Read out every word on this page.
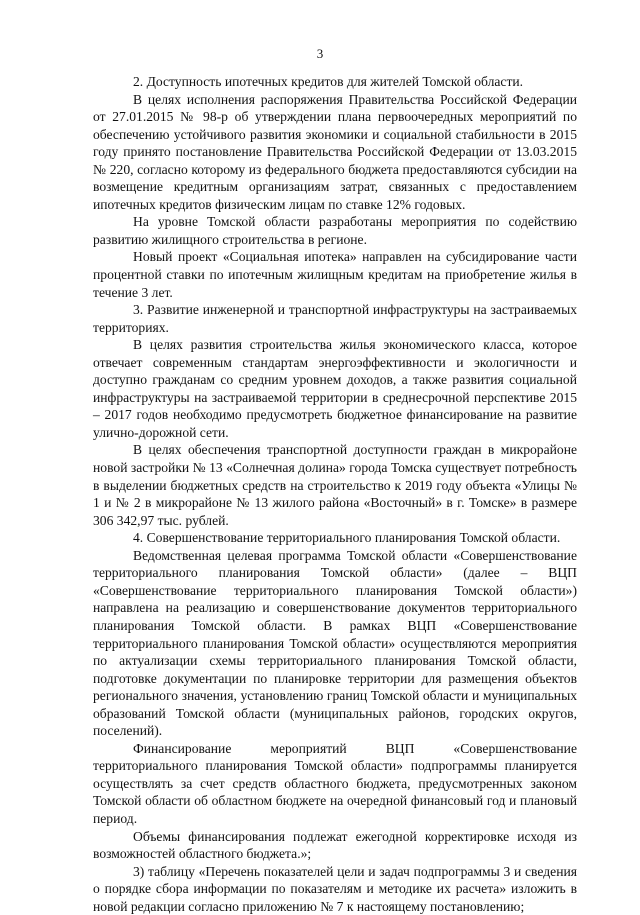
3

2. Доступность ипотечных кредитов для жителей Томской области.

В целях исполнения распоряжения Правительства Российской Федерации от 27.01.2015 № 98-р об утверждении плана первоочередных мероприятий по обеспечению устойчивого развития экономики и социальной стабильности в 2015 году принято постановление Правительства Российской Федерации от 13.03.2015 № 220, согласно которому из федерального бюджета предоставляются субсидии на возмещение кредитным организациям затрат, связанных с предоставлением ипотечных кредитов физическим лицам по ставке 12% годовых.

На уровне Томской области разработаны мероприятия по содействию развитию жилищного строительства в регионе.

Новый проект «Социальная ипотека» направлен на субсидирование части процентной ставки по ипотечным жилищным кредитам на приобретение жилья в течение 3 лет.

3. Развитие инженерной и транспортной инфраструктуры на застраиваемых территориях.

В целях развития строительства жилья экономического класса, которое отвечает современным стандартам энергоэффективности и экологичности и доступно гражданам со средним уровнем доходов, а также развития социальной инфраструктуры на застраиваемой территории в среднесрочной перспективе 2015 – 2017 годов необходимо предусмотреть бюджетное финансирование на развитие улично-дорожной сети.

В целях обеспечения транспортной доступности граждан в микрорайоне новой застройки № 13 «Солнечная долина» города Томска существует потребность в выделении бюджетных средств на строительство к 2019 году объекта «Улицы № 1 и № 2 в микрорайоне № 13 жилого района «Восточный» в г. Томске» в размере 306 342,97 тыс. рублей.

4. Совершенствование территориального планирования Томской области.

Ведомственная целевая программа Томской области «Совершенствование территориального планирования Томской области» (далее – ВЦП «Совершенствование территориального планирования Томской области») направлена на реализацию и совершенствование документов территориального планирования Томской области. В рамках ВЦП «Совершенствование территориального планирования Томской области» осуществляются мероприятия по актуализации схемы территориального планирования Томской области, подготовке документации по планировке территории для размещения объектов регионального значения, установлению границ Томской области и муниципальных образований Томской области (муниципальных районов, городских округов, поселений).

Финансирование мероприятий ВЦП «Совершенствование территориального планирования Томской области» подпрограммы планируется осуществлять за счет средств областного бюджета, предусмотренных законом Томской области об областном бюджете на очередной финансовый год и плановый период.

Объемы финансирования подлежат ежегодной корректировке исходя из возможностей областного бюджета.»;

3) таблицу «Перечень показателей цели и задач подпрограммы 3 и сведения о порядке сбора информации по показателям и методике их расчета» изложить в новой редакции согласно приложению № 7 к настоящему постановлению;
